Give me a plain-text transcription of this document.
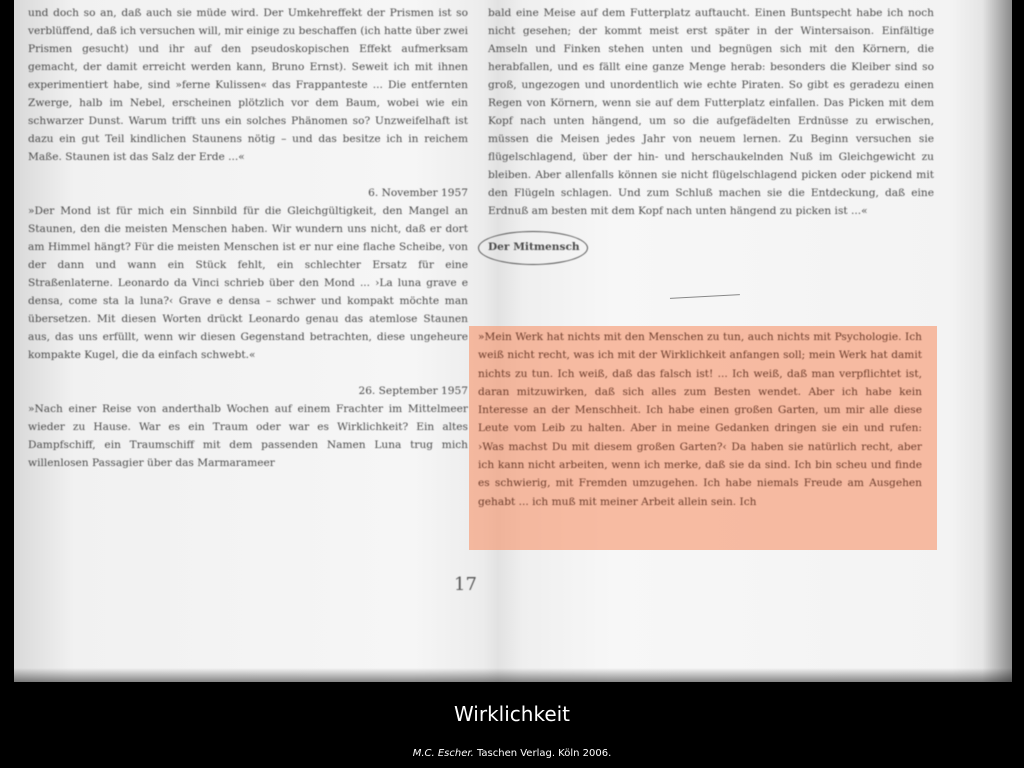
und doch so an, daß auch sie müde wird. Der Umkehreffekt der Prismen ist so verblüffend, daß ich versuchen will, mir einige zu beschaffen (ich hatte über zwei Prismen gesucht) und ihr auf den pseudoskopischen Effekt aufmerksam gemacht, der damit erreicht werden kann, Bruno Ernst). Seweit ich mit ihnen experimentiert habe, sind »ferne Kulissen« das Frappanteste ... Die entfernten Zwerge, halb im Nebel, erscheinen plötzlich vor dem Baum, wobei wie ein schwarzer Dunst. Warum trifft uns ein solches Phänomen so? Unzweifelhaft ist dazu ein gut Teil kindlichen Staunens nötig – und das besitze ich in reichem Maße. Staunen ist das Salz der Erde ...«

6. November 1957

»Der Mond ist für mich ein Sinnbild für die Gleichgültigkeit, den Mangel an Staunen, den die meisten Menschen haben. Wir wundern uns nicht, daß er dort am Himmel hängt? Für die meisten Menschen ist er nur eine flache Scheibe, von der dann und wann ein Stück fehlt, ein schlechter Ersatz für eine Straßenlaterne. Leonardo da Vinci schrieb über den Mond ... ›La luna grave e densa, come sta la luna?‹ Grave e densa – schwer und kompakt möchte man übersetzen. Mit diesen Worten drückt Leonardo genau das atemlose Staunen aus, das uns erfüllt, wenn wir diesen Gegenstand betrachten, diese ungeheure kompakte Kugel, die da einfach schwebt.«

26. September 1957

»Nach einer Reise von anderthalb Wochen auf einem Frachter im Mittelmeer wieder zu Hause. War es ein Traum oder war es Wirklichkeit? Ein altes Dampfschiff, ein Traumschiff mit dem passenden Namen Luna trug mich willenlosen Passagier über das Marmarameer

bald eine Meise auf dem Futterplatz auftaucht. Einen Buntspecht habe ich noch nicht gesehen; der kommt meist erst später in der Wintersaison. Einfältige Amseln und Finken stehen unten und begnügen sich mit den Körnern, die herabfallen, und es fällt eine ganze Menge herab: besonders die Kleiber sind so groß, ungezogen und unordentlich wie echte Piraten. So gibt es geradezu einen Regen von Körnern, wenn sie auf dem Futterplatz einfallen. Das Picken mit dem Kopf nach unten hängend, um so die aufgefädelten Erdnüsse zu erwischen, müssen die Meisen jedes Jahr von neuem lernen. Zu Beginn versuchen sie flügelschlagend, über der hin- und herschaukelnden Nuß im Gleichgewicht zu bleiben. Aber allenfalls können sie nicht flügelschlagend picken oder pickend mit den Flügeln schlagen. Und zum Schluß machen sie die Entdeckung, daß eine Erdnuß am besten mit dem Kopf nach unten hängend zu picken ist ...«

Der Mitmensch

»Mein Werk hat nichts mit den Menschen zu tun, auch nichts mit Psychologie. Ich weiß nicht recht, was ich mit der Wirklichkeit anfangen soll; mein Werk hat damit nichts zu tun. Ich weiß, daß das falsch ist! ... Ich weiß, daß man verpflichtet ist, daran mitzuwirken, daß sich alles zum Besten wendet. Aber ich habe kein Interesse an der Menschheit. Ich habe einen großen Garten, um mir alle diese Leute vom Leib zu halten. Aber in meine Gedanken dringen sie ein und rufen: ›Was machst Du mit diesem großen Garten?‹ Da haben sie natürlich recht, aber ich kann nicht arbeiten, wenn ich merke, daß sie da sind. Ich bin scheu und finde es schwierig, mit Fremden umzugehen. Ich habe niemals Freude am Ausgehen gehabt ... ich muß mit meiner Arbeit allein sein. Ich
17
Wirklichkeit
M.C. Escher. Taschen Verlag. Köln 2006.
